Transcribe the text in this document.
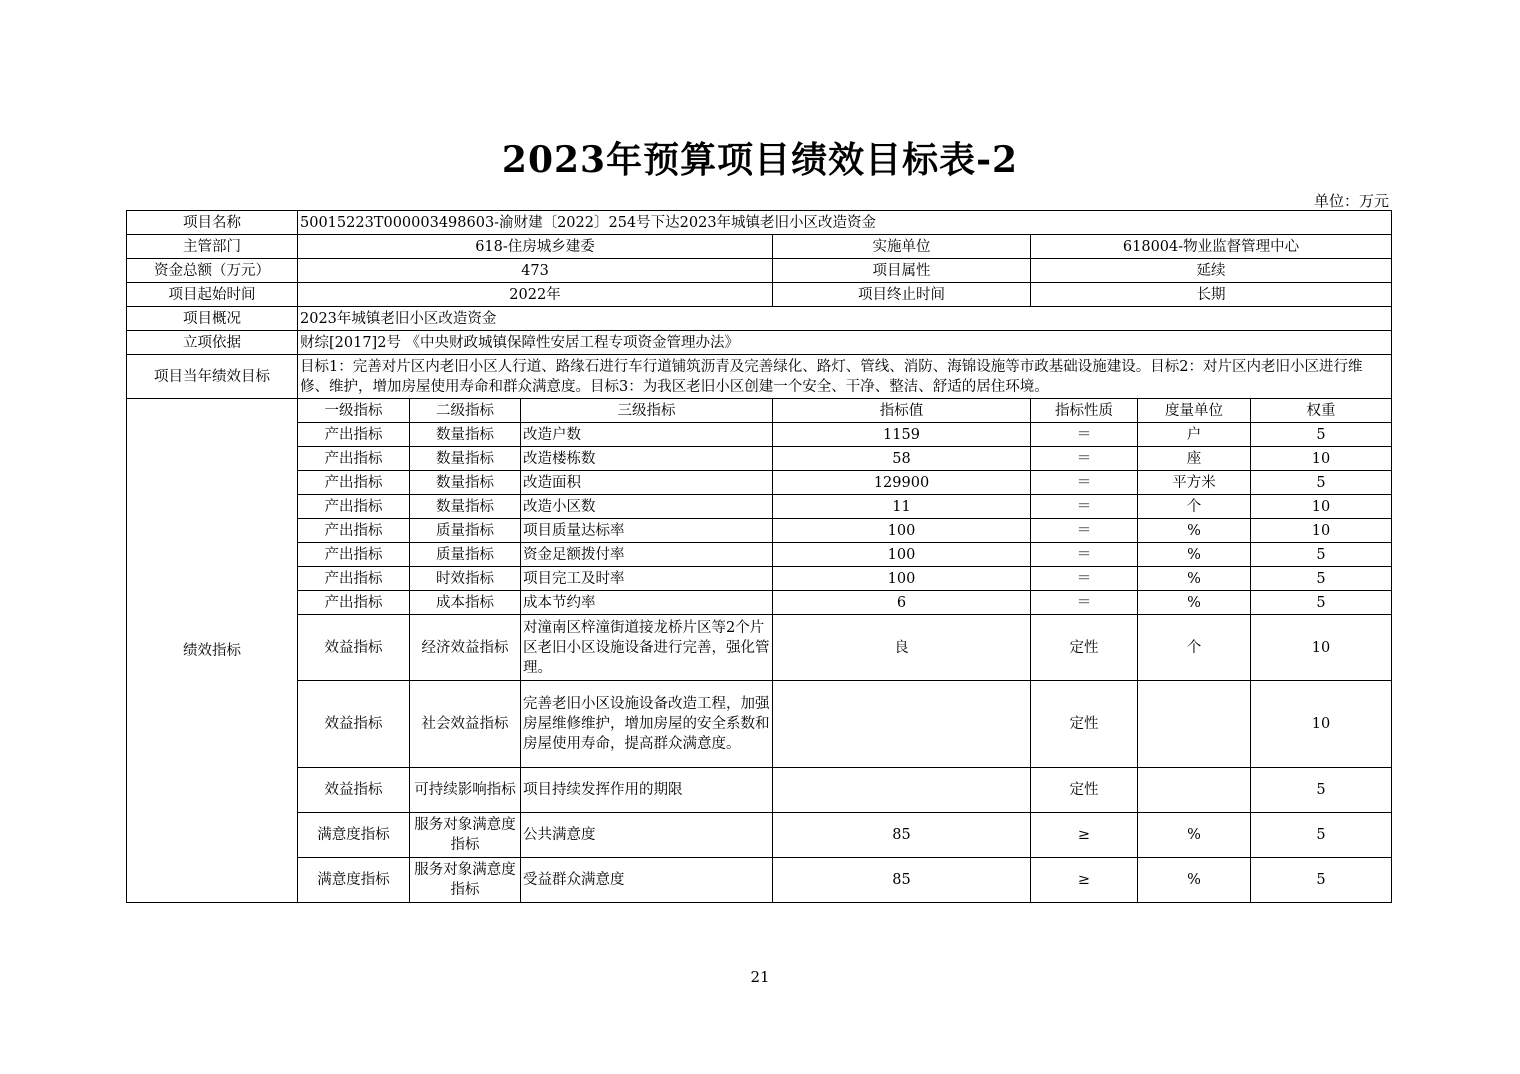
2023年预算项目绩效目标表-2
单位：万元
项目名称	50015223T000003498603-渝财建〔2022〕254号下达2023年城镇老旧小区改造资金						
主管部门	618-住房城乡建委			实施单位	618004-物业监督管理中心		
资金总额（万元）	473			项目属性	延续		
项目起始时间	2022年			项目终止时间	长期		
项目概况	2023年城镇老旧小区改造资金						
立项依据	财综[2017]2号 《中央财政城镇保障性安居工程专项资金管理办法》						
项目当年绩效目标	目标1：完善对片区内老旧小区人行道、路缘石进行车行道铺筑沥青及完善绿化、路灯、管线、消防、海锦设施等市政基础设施建设。目标2：对片区内老旧小区进行维修、维护，增加房屋使用寿命和群众满意度。目标3：为我区老旧小区创建一个安全、干净、整洁、舒适的居住环境。						
绩效指标	一级指标	二级指标	三级指标	指标值	指标性质	度量单位	权重
	产出指标	数量指标	改造户数	1159	＝	户	5
	产出指标	数量指标	改造楼栋数	58	＝	座	10
	产出指标	数量指标	改造面积	129900	＝	平方米	5
	产出指标	数量指标	改造小区数	11	＝	个	10
	产出指标	质量指标	项目质量达标率	100	＝	%	10
	产出指标	质量指标	资金足额拨付率	100	＝	%	5
	产出指标	时效指标	项目完工及时率	100	＝	%	5
	产出指标	成本指标	成本节约率	6	＝	%	5
	效益指标	经济效益指标	对潼南区梓潼街道接龙桥片区等2个片区老旧小区设施设备进行完善，强化管理。	良	定性	个	10
	效益指标	社会效益指标	完善老旧小区设施设备改造工程，加强房屋维修维护，增加房屋的安全系数和房屋使用寿命，提高群众满意度。		定性		10
	效益指标	可持续影响指标	项目持续发挥作用的期限		定性		5
	满意度指标	服务对象满意度指标	公共满意度	85	≥	%	5
	满意度指标	服务对象满意度指标	受益群众满意度	85	≥	%	5
21
